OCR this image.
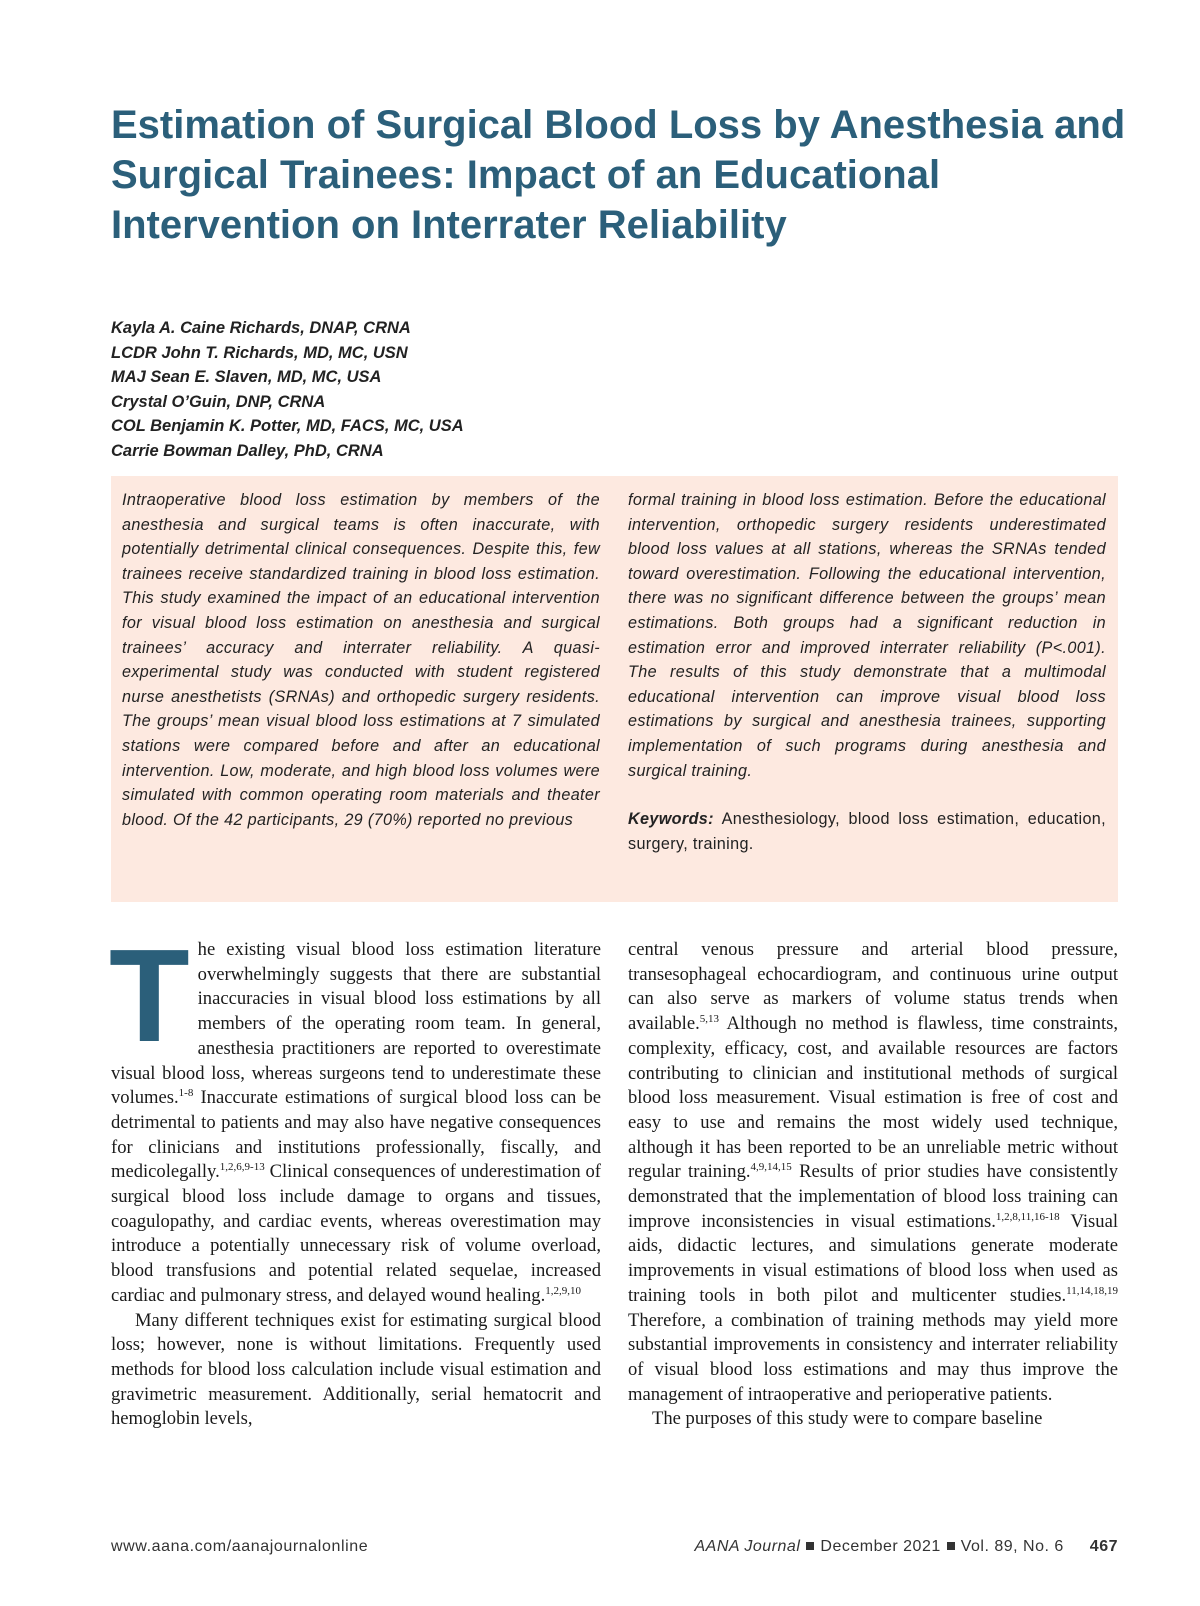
Estimation of Surgical Blood Loss by Anesthesia and Surgical Trainees: Impact of an Educational Intervention on Interrater Reliability
Kayla A. Caine Richards, DNAP, CRNA
LCDR John T. Richards, MD, MC, USN
MAJ Sean E. Slaven, MD, MC, USA
Crystal O’Guin, DNP, CRNA
COL Benjamin K. Potter, MD, FACS, MC, USA
Carrie Bowman Dalley, PhD, CRNA
Intraoperative blood loss estimation by members of the anesthesia and surgical teams is often inaccurate, with potentially detrimental clinical consequences. Despite this, few trainees receive standardized training in blood loss estimation. This study examined the impact of an educational intervention for visual blood loss estimation on anesthesia and surgical trainees’ accuracy and interrater reliability. A quasi-experimental study was conducted with student registered nurse anesthetists (SRNAs) and orthopedic surgery residents. The groups’ mean visual blood loss estimations at 7 simulated stations were compared before and after an educational intervention. Low, moderate, and high blood loss volumes were simulated with common operating room materials and theater blood. Of the 42 participants, 29 (70%) reported no previous
formal training in blood loss estimation. Before the educational intervention, orthopedic surgery residents underestimated blood loss values at all stations, whereas the SRNAs tended toward overestimation. Following the educational intervention, there was no significant difference between the groups’ mean estimations. Both groups had a significant reduction in estimation error and improved interrater reliability (P<.001). The results of this study demonstrate that a multimodal educational intervention can improve visual blood loss estimations by surgical and anesthesia trainees, supporting implementation of such programs during anesthesia and surgical training.
Keywords: Anesthesiology, blood loss estimation, education, surgery, training.

The existing visual blood loss estimation literature overwhelmingly suggests that there are substantial inaccuracies in visual blood loss estimations by all members of the operating room team. In general, anesthesia practitioners are reported to overestimate visual blood loss, whereas surgeons tend to underestimate these volumes.$^{1-8}$ Inaccurate estimations of surgical blood loss can be detrimental to patients and may also have negative consequences for clinicians and institutions professionally, fiscally, and medicolegally.$^{1,2,6,9-13}$ Clinical consequences of underestimation of surgical blood loss include damage to organs and tissues, coagulopathy, and cardiac events, whereas overestimation may introduce a potentially unnecessary risk of volume overload, blood transfusions and potential related sequelae, increased cardiac and pulmonary stress, and delayed wound healing.$^{1,2,9,10}$

Many different techniques exist for estimating surgical blood loss; however, none is without limitations. Frequently used methods for blood loss calculation include visual estimation and gravimetric measurement. Additionally, serial hematocrit and hemoglobin levels,

central venous pressure and arterial blood pressure, transesophageal echocardiogram, and continuous urine output can also serve as markers of volume status trends when available.$^{5,13}$ Although no method is flawless, time constraints, complexity, efficacy, cost, and available resources are factors contributing to clinician and institutional methods of surgical blood loss measurement. Visual estimation is free of cost and easy to use and remains the most widely used technique, although it has been reported to be an unreliable metric without regular training.$^{4,9,14,15}$ Results of prior studies have consistently demonstrated that the implementation of blood loss training can improve inconsistencies in visual estimations.$^{1,2,8,11,16-18}$ Visual aids, didactic lectures, and simulations generate moderate improvements in visual estimations of blood loss when used as training tools in both pilot and multicenter studies.$^{11,14,18,19}$ Therefore, a combination of training methods may yield more substantial improvements in consistency and interrater reliability of visual blood loss estimations and may thus improve the management of intraoperative and perioperative patients.

The purposes of this study were to compare baseline

www.aana.com/aanajournalonline	AANA Journal December 2021 Vol. 89, No. 6 467
